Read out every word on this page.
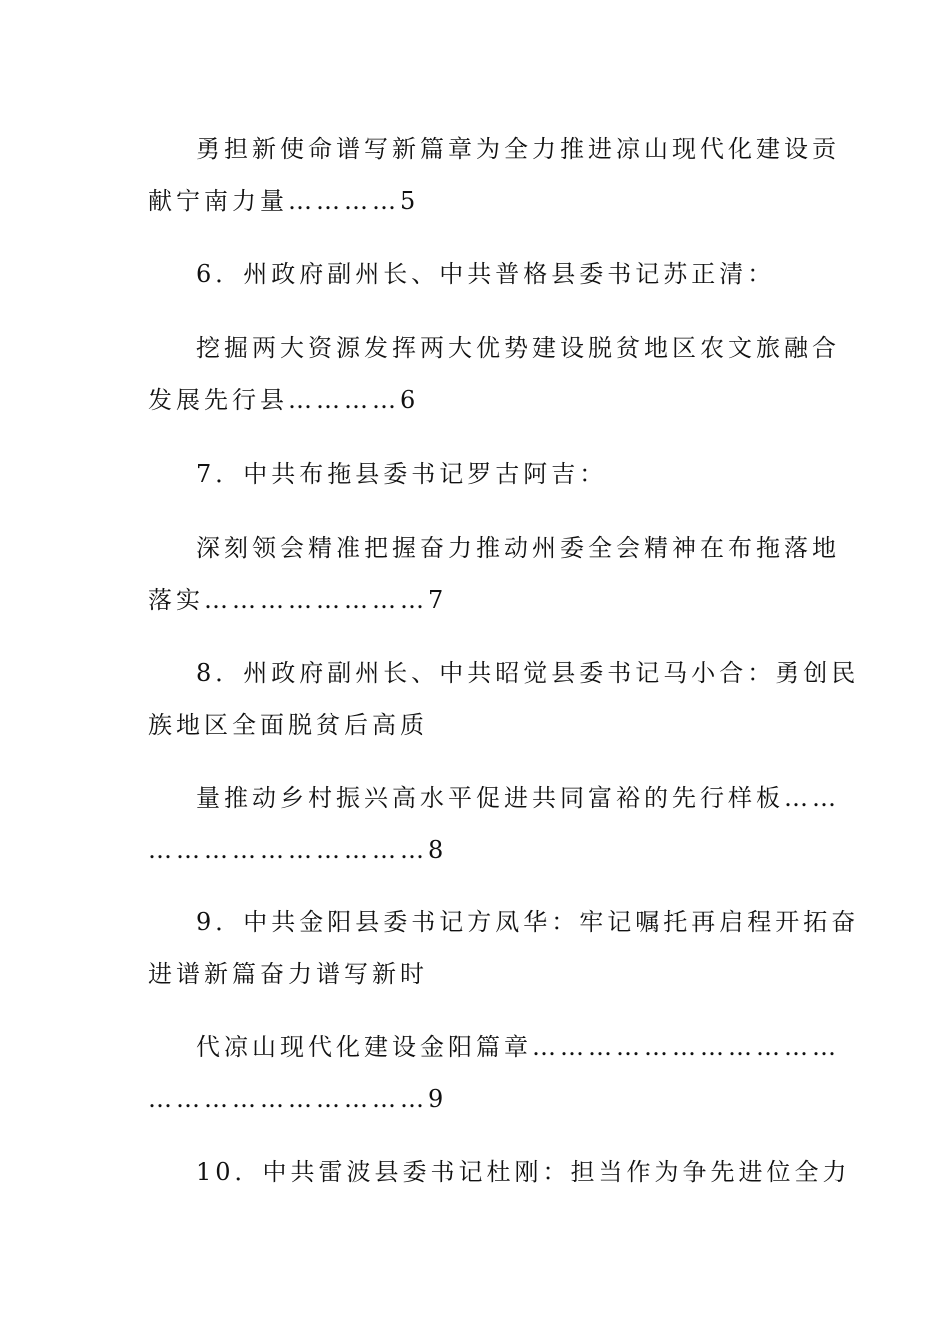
勇担新使命谱写新篇章为全力推进凉山现代化建设贡
献宁南力量…………5
6．州政府副州长、中共普格县委书记苏正清：
挖掘两大资源发挥两大优势建设脱贫地区农文旅融合
发展先行县…………6
7．中共布拖县委书记罗古阿吉：
深刻领会精准把握奋力推动州委全会精神在布拖落地
落实……………………7
8．州政府副州长、中共昭觉县委书记马小合：勇创民
族地区全面脱贫后高质
量推动乡村振兴高水平促进共同富裕的先行样板……
…………………………8
9．中共金阳县委书记方凤华：牢记嘱托再启程开拓奋
进谱新篇奋力谱写新时
代凉山现代化建设金阳篇章……………………………
…………………………9
10．中共雷波县委书记杜刚：担当作为争先进位全力
